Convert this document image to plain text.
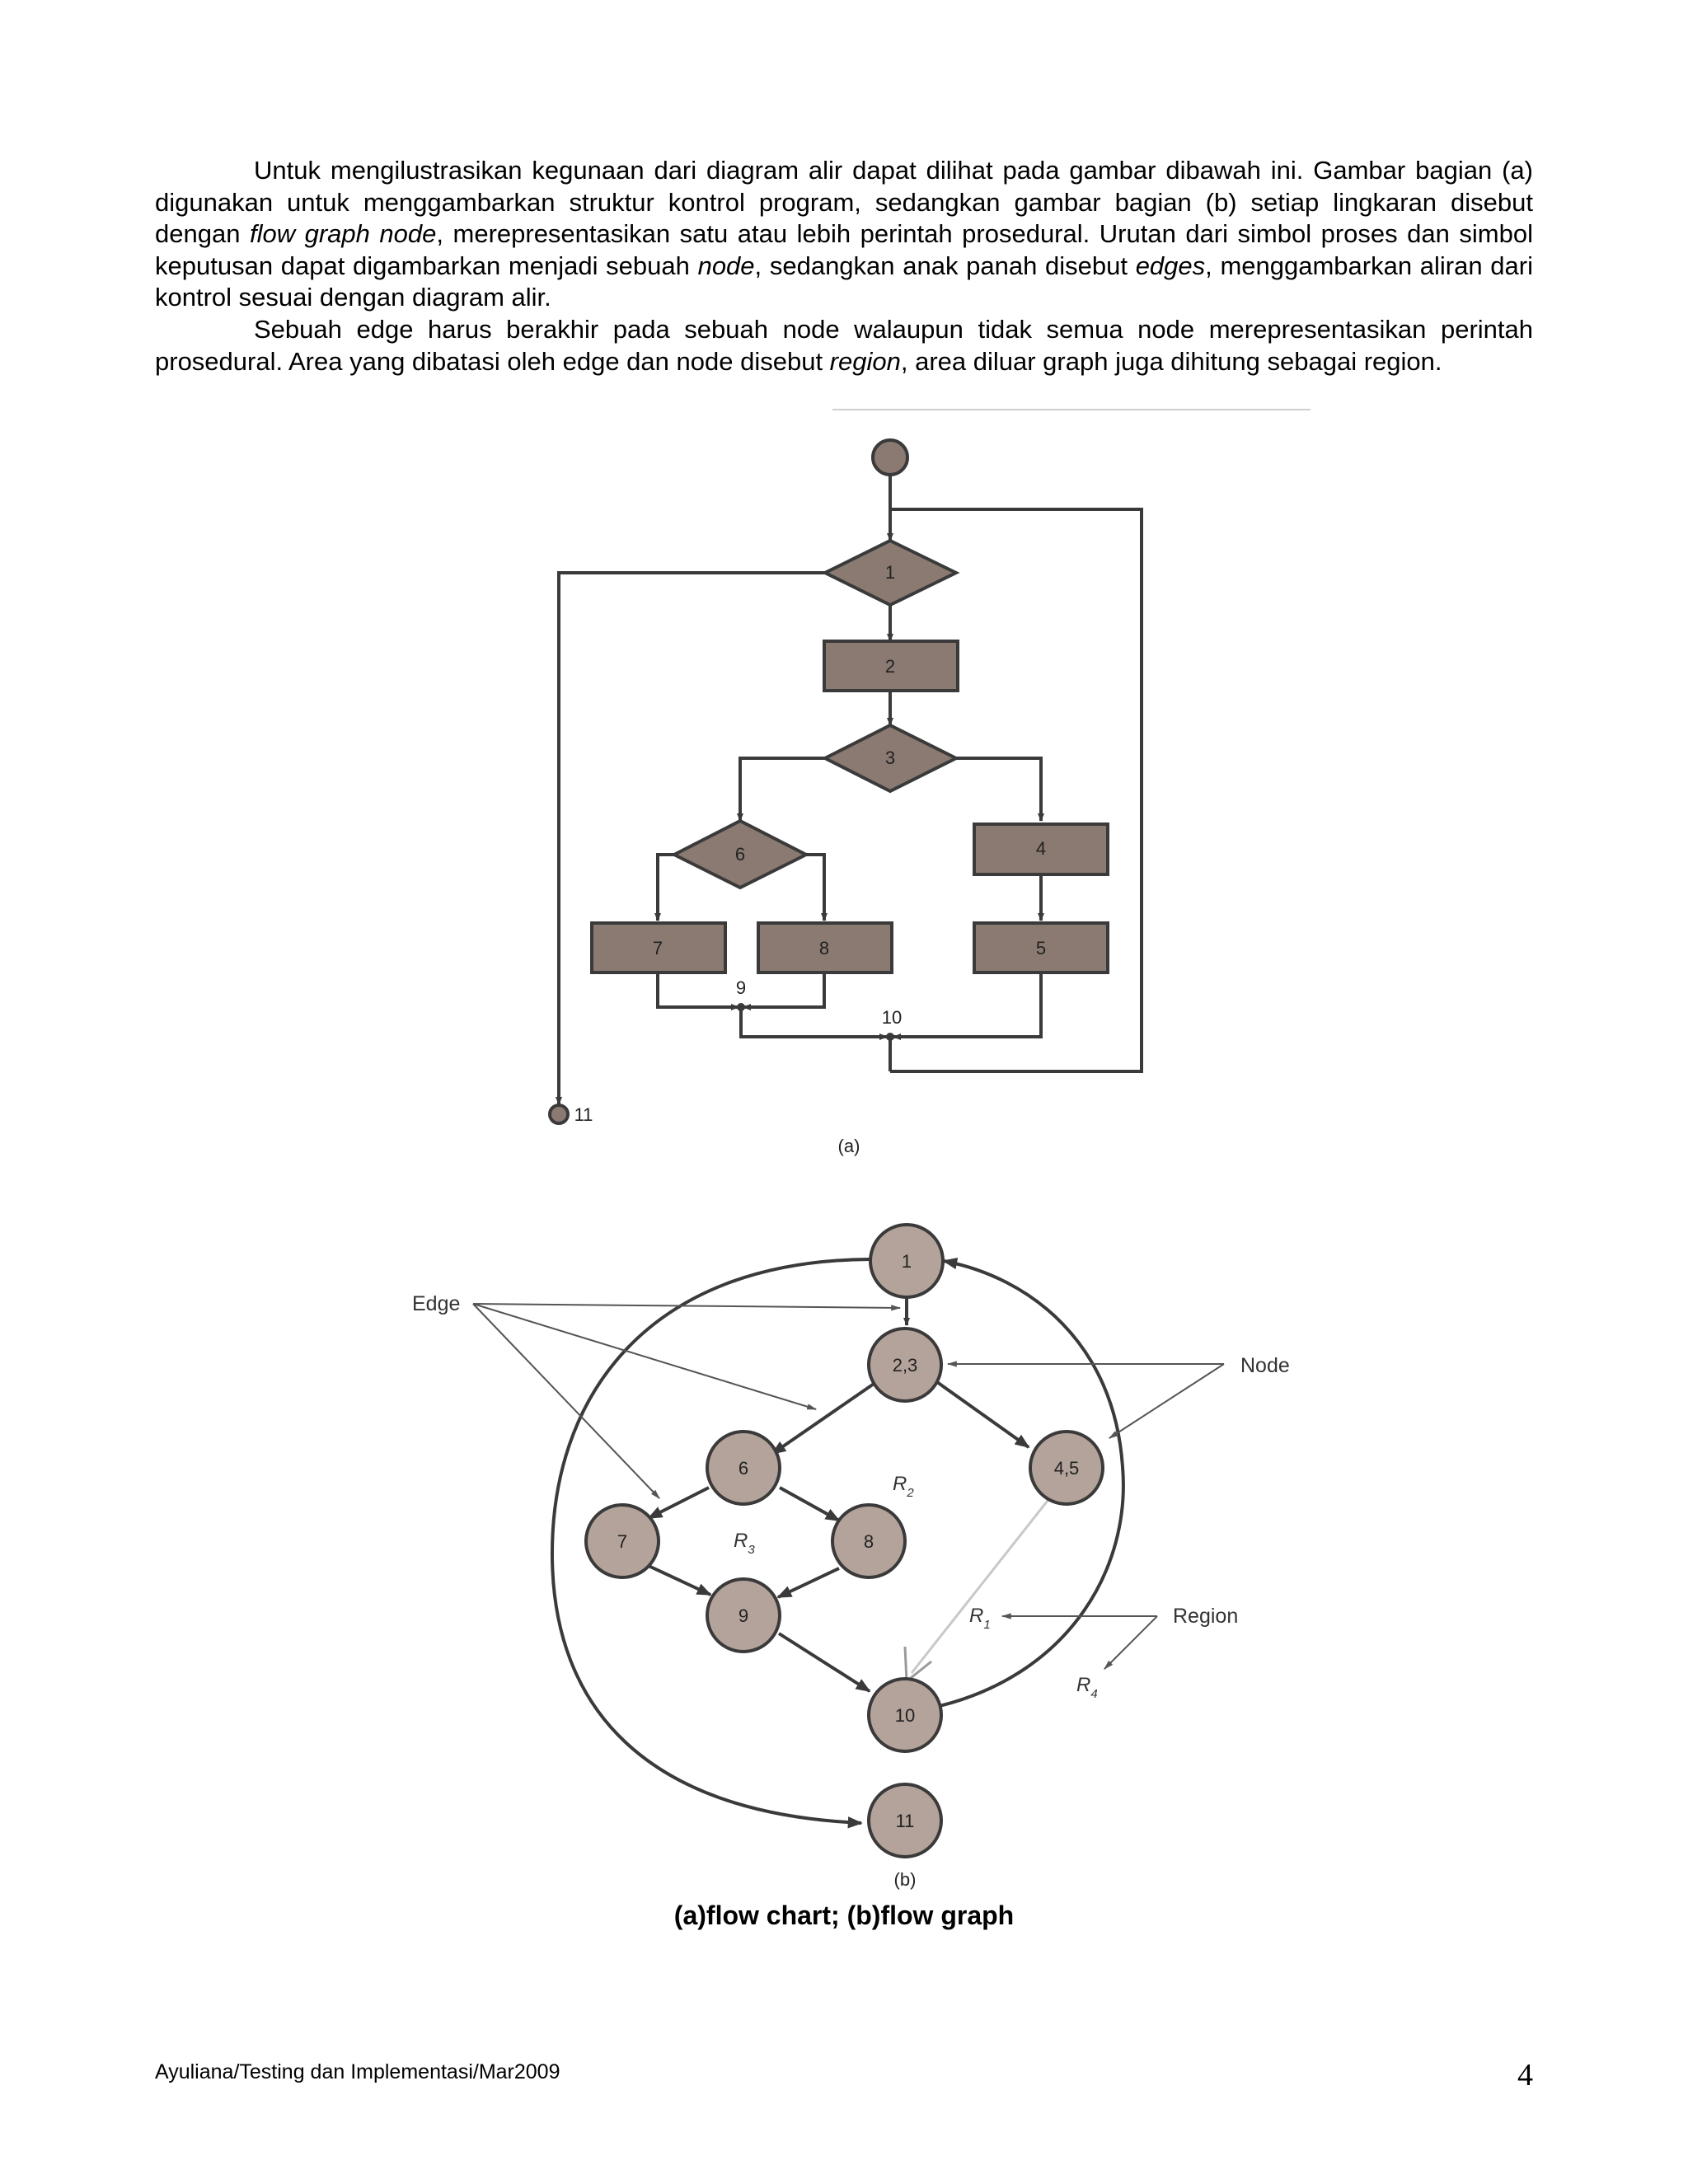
Untuk mengilustrasikan kegunaan dari diagram alir dapat dilihat pada gambar dibawah ini. Gambar bagian (a) digunakan untuk menggambarkan struktur kontrol program, sedangkan gambar bagian (b) setiap lingkaran disebut dengan flow graph node, merepresentasikan satu atau lebih perintah prosedural. Urutan dari simbol proses dan simbol keputusan dapat digambarkan menjadi sebuah node, sedangkan anak panah disebut edges, menggambarkan aliran dari kontrol sesuai dengan diagram alir.

Sebuah edge harus berakhir pada sebuah node walaupun tidak semua node merepresentasikan perintah prosedural. Area yang dibatasi oleh edge dan node disebut region, area diluar graph juga dihitung sebagai region.

1
2
3
6	4
7	8	5
9
10
11
(a)
1
2,3
6	4,5
7	8
9
10
11
(b)
Edge
Node
Region
$R_2$
$R_3$
$R_1$
$R_4$
(a)flow chart; (b)flow graph
Ayuliana/Testing dan Implementasi/Mar2009	4
